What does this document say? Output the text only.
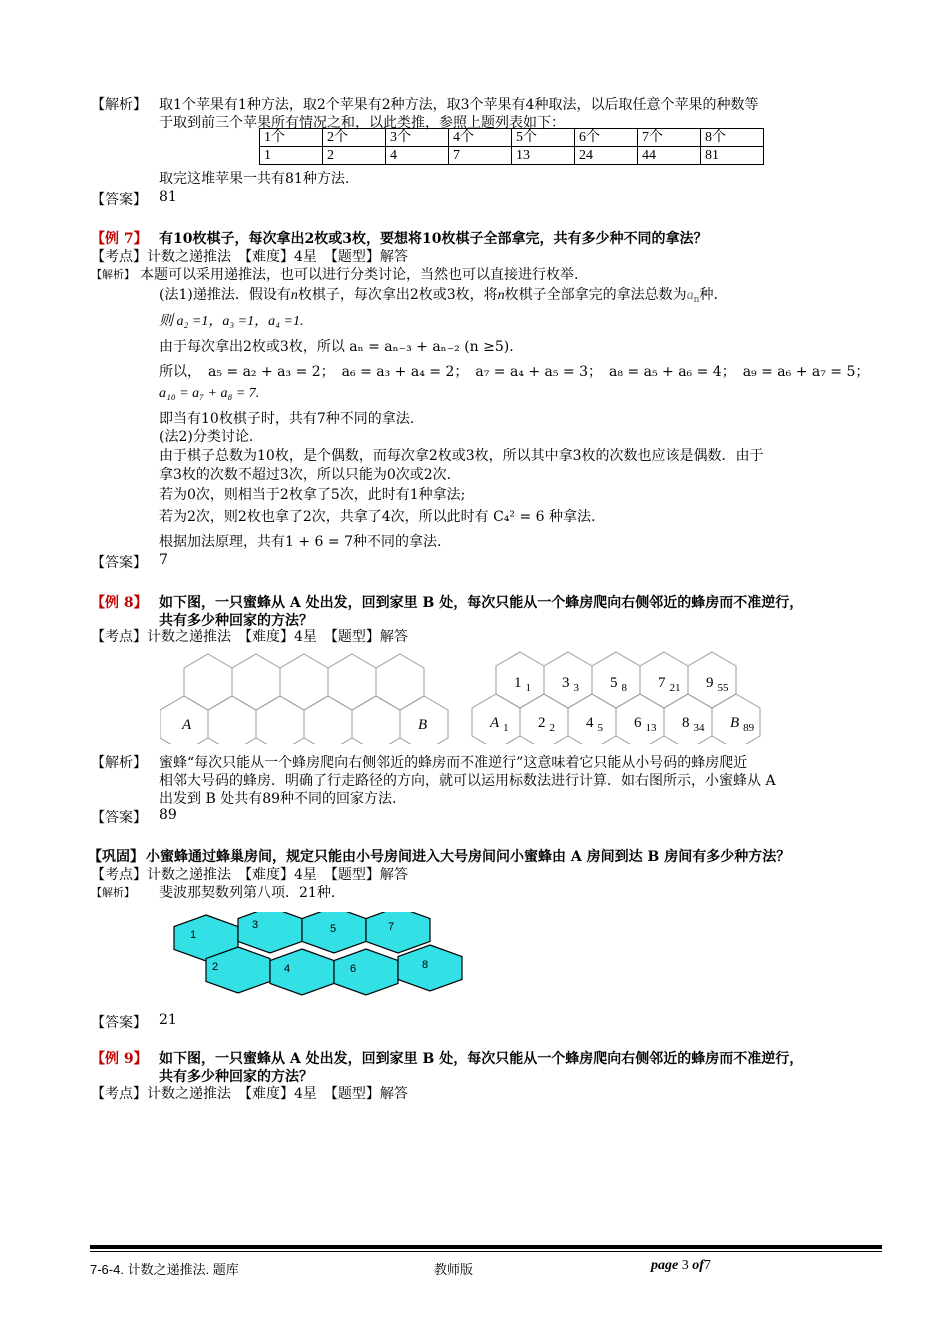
【解析】 取1个苹果有1种方法，取2个苹果有2种方法，取3个苹果有4种取法，以后取任意个苹果的种数等
于取到前三个苹果所有情况之和，以此类推，参照上题列表如下：
1个	2个	3个	4个	5个	6个	7个	8个
1	2	4	7	13	24	44	81
取完这堆苹果一共有81种方法.
【答案】 81
【例 7】 有10枚棋子，每次拿出2枚或3枚，要想将10枚棋子全部拿完，共有多少种不同的拿法？
【考点】计数之递推法　【难度】4星　【题型】解答
【解析】 本题可以采用递推法，也可以进行分类讨论，当然也可以直接进行枚举.
(法1)递推法．假设有n枚棋子，每次拿出2枚或3枚，将n枚棋子全部拿完的拿法总数为$a_n$种.
则 a₂ =1，a₃ =1，a₄ =1.
由于每次拿出2枚或3枚，所以 aₙ = aₙ₋₃ + aₙ₋₂ (n ≥5).
所以，　a₅ = a₂ + a₃ = 2；　a₆ = a₃ + a₄ = 2；　a₇ = a₄ + a₅ = 3；　a₈ = a₅ + a₆ = 4；　a₉ = a₆ + a₇ = 5；
a₁₀ = a₇ + a₈ = 7.
即当有10枚棋子时，共有7种不同的拿法.
(法2)分类讨论.
由于棋子总数为10枚，是个偶数，而每次拿2枚或3枚，所以其中拿3枚的次数也应该是偶数．由于
拿3枚的次数不超过3次，所以只能为0次或2次.
若为0次，则相当于2枚拿了5次，此时有1种拿法;
若为2次，则2枚也拿了2次，共拿了4次，所以此时有 C₄² = 6 种拿法.
根据加法原理，共有1 + 6 = 7种不同的拿法.
【答案】 7
【例 8】 如下图，一只蜜蜂从 A 处出发，回到家里 B 处，每次只能从一个蜂房爬向右侧邻近的蜂房而不准逆行，
共有多少种回家的方法？
【考点】计数之递推法　【难度】4星　【题型】解答
A	B
1 $_1$ 3 $_3$ 5 $_8$ 7 $_{21}$ 9 $_{55}$
A $_1$ 2 $_2$ 4 $_5$ 6 $_{13}$ 8 $_{34}$ B $_{89}$
【解析】 蜜蜂“每次只能从一个蜂房爬向右侧邻近的蜂房而不准逆行”这意味着它只能从小号码的蜂房爬近
相邻大号码的蜂房．明确了行走路径的方向，就可以运用标数法进行计算．如右图所示，小蜜蜂从 A
出发到 B 处共有89种不同的回家方法.
【答案】 89
【巩固】 小蜜蜂通过蜂巢房间，规定只能由小号房间进入大号房间问小蜜蜂由 A 房间到达 B 房间有多少种方法？
【考点】计数之递推法　【难度】4星　【题型】解答
【解析】 斐波那契数列第八项．21种.
1
2
3
4
5
6
7
8
【答案】 21
【例 9】 如下图，一只蜜蜂从 A 处出发，回到家里 B 处，每次只能从一个蜂房爬向右侧邻近的蜂房而不准逆行，
共有多少种回家的方法？
【考点】计数之递推法　【难度】4星　【题型】解答
7-6-4. 计数之递推法. 题库	教师版	page 3 of7
